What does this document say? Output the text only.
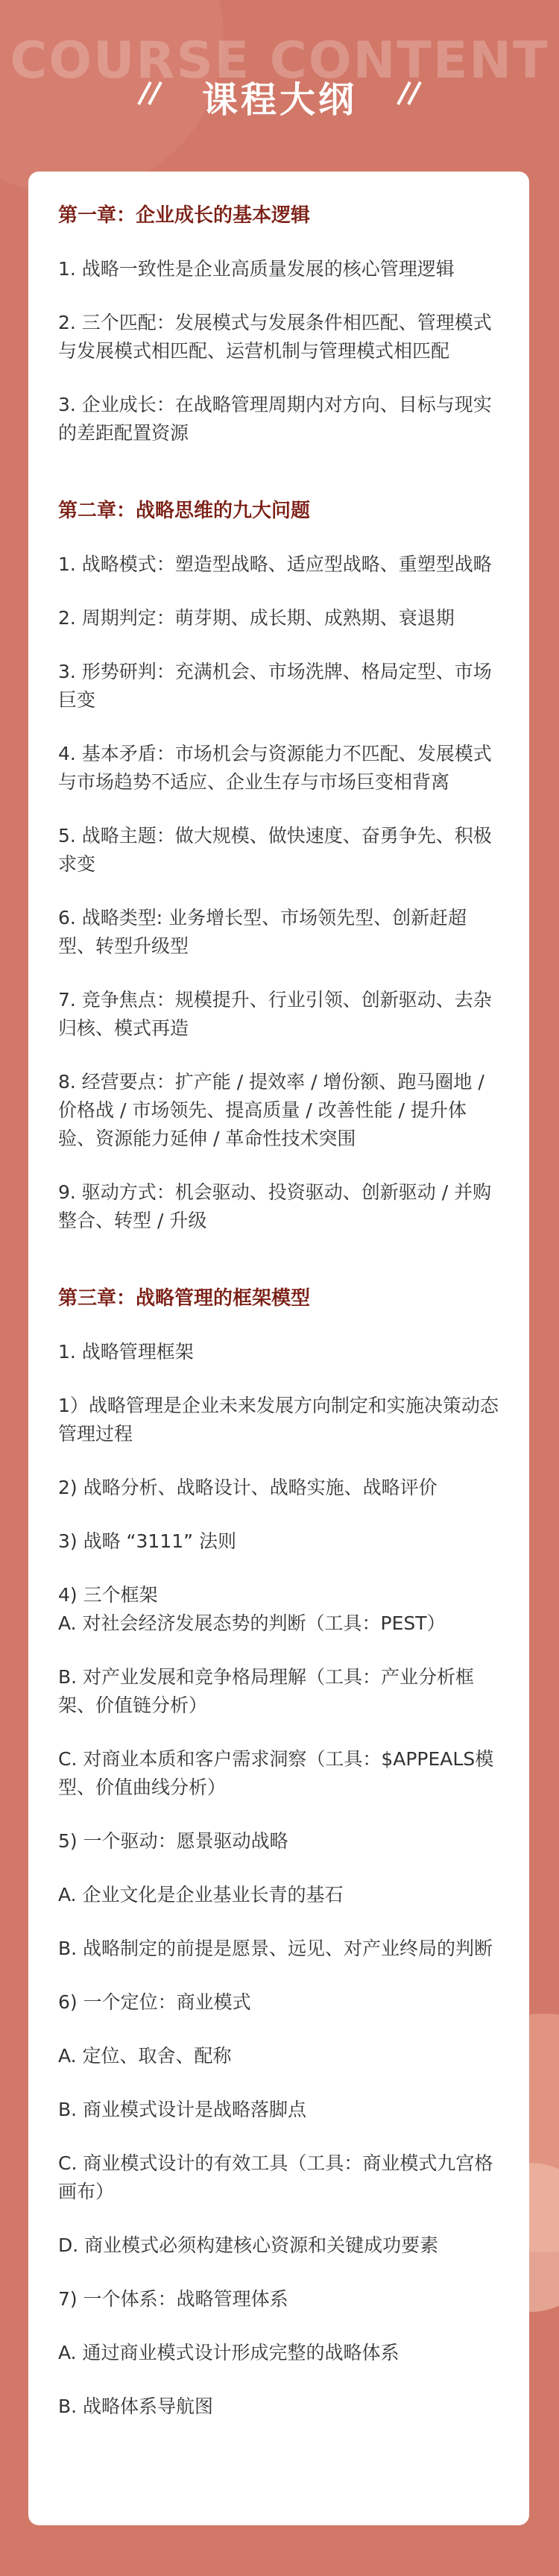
COURSE CONTENT
课程大纲
第一章：企业成长的基本逻辑
1. 战略一致性是企业高质量发展的核心管理逻辑
2. 三个匹配：发展模式与发展条件相匹配、管理模式与发展模式相匹配、运营机制与管理模式相匹配
3. 企业成长：在战略管理周期内对方向、目标与现实的差距配置资源
第二章：战略思维的九大问题
1. 战略模式：塑造型战略、适应型战略、重塑型战略
2. 周期判定：萌芽期、成长期、成熟期、衰退期
3. 形势研判：充满机会、市场洗牌、格局定型、市场巨变
4. 基本矛盾：市场机会与资源能力不匹配、发展模式与市场趋势不适应、企业生存与市场巨变相背离
5. 战略主题：做大规模、做快速度、奋勇争先、积极求变
6. 战略类型: 业务增长型、市场领先型、创新赶超型、转型升级型
7. 竞争焦点：规模提升、行业引领、创新驱动、去杂归核、模式再造
8. 经营要点：扩产能 / 提效率 / 增份额、跑马圈地 / 价格战 / 市场领先、提高质量 / 改善性能 / 提升体验、资源能力延伸 / 革命性技术突围
9. 驱动方式：机会驱动、投资驱动、创新驱动 / 并购整合、转型 / 升级
第三章：战略管理的框架模型
1. 战略管理框架
1）战略管理是企业未来发展方向制定和实施决策动态管理过程
2) 战略分析、战略设计、战略实施、战略评价
3) 战略 “3111” 法则
4) 三个框架
A. 对社会经济发展态势的判断（工具：PEST）
B. 对产业发展和竞争格局理解（工具：产业分析框架、价值链分析）
C. 对商业本质和客户需求洞察（工具：$APPEALS模型、价值曲线分析）
5) 一个驱动：愿景驱动战略
A. 企业文化是企业基业长青的基石
B. 战略制定的前提是愿景、远见、对产业终局的判断
6) 一个定位：商业模式
A. 定位、取舍、配称
B. 商业模式设计是战略落脚点
C. 商业模式设计的有效工具（工具：商业模式九宫格画布）
D. 商业模式必须构建核心资源和关键成功要素
7) 一个体系：战略管理体系
A. 通过商业模式设计形成完整的战略体系
B. 战略体系导航图
